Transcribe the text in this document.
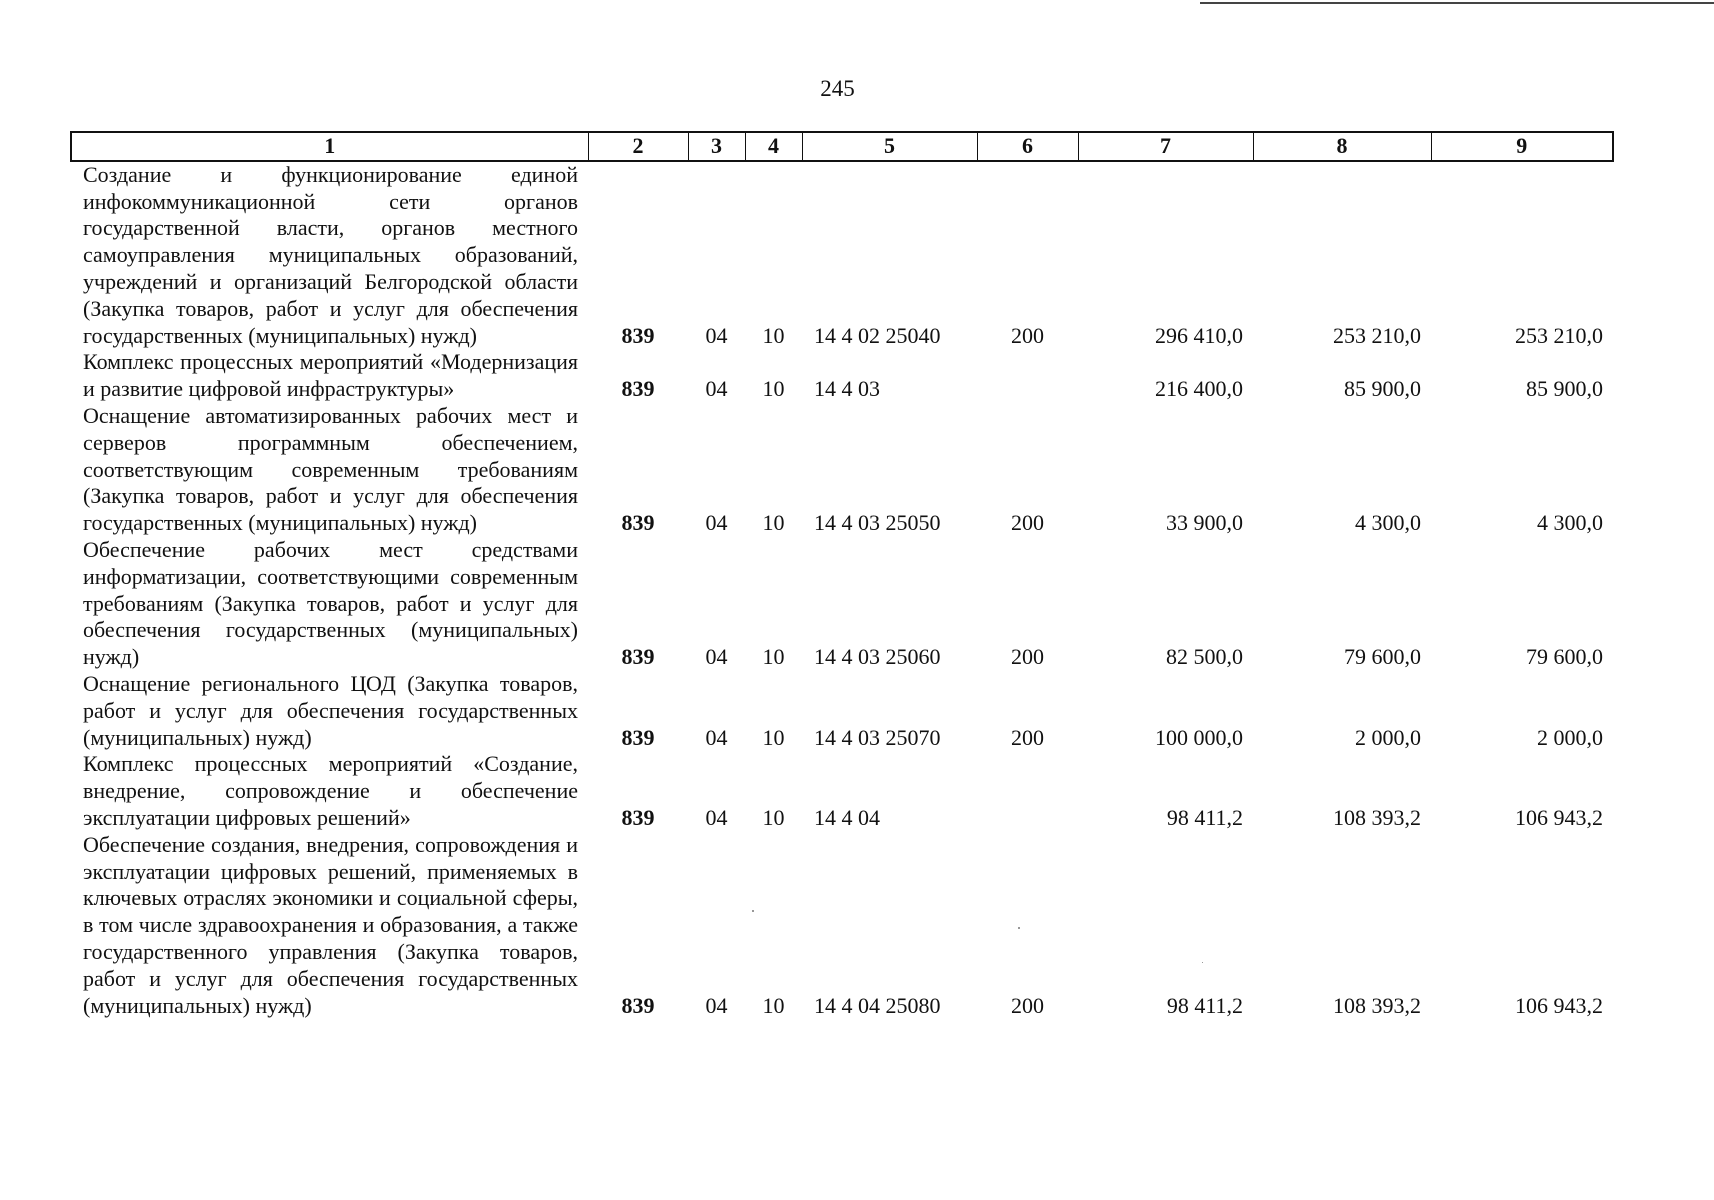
245
1	2	3	4	5	6	7	8	9
Создание и функционирование единой инфокоммуникационной сети органов государственной власти, органов местного самоуправления муниципальных образований, учреждений и организаций Белгородской области (Закупка товаров, работ и услуг для обеспечения государственных (муниципальных) нужд)	839	04	10	14 4 02 25040	200	296 410,0	253 210,0	253 210,0
Комплекс процессных мероприятий «Модернизация и развитие цифровой инфраструктуры»	839	04	10	14 4 03		216 400,0	85 900,0	85 900,0
Оснащение автоматизированных рабочих мест и серверов программным обеспечением, соответствующим современным требованиям (Закупка товаров, работ и услуг для обеспечения государственных (муниципальных) нужд)	839	04	10	14 4 03 25050	200	33 900,0	4 300,0	4 300,0
Обеспечение рабочих мест средствами информатизации, соответствующими современным требованиям (Закупка товаров, работ и услуг для обеспечения государственных (муниципальных) нужд)	839	04	10	14 4 03 25060	200	82 500,0	79 600,0	79 600,0
Оснащение регионального ЦОД (Закупка товаров, работ и услуг для обеспечения государственных (муниципальных) нужд)	839	04	10	14 4 03 25070	200	100 000,0	2 000,0	2 000,0
Комплекс процессных мероприятий «Создание, внедрение, сопровождение и обеспечение эксплуатации цифровых решений»	839	04	10	14 4 04		98 411,2	108 393,2	106 943,2
Обеспечение создания, внедрения, сопровождения и эксплуатации цифровых решений, применяемых в ключевых отраслях экономики и социальной сферы, в том числе здравоохранения и образования, а также государственного управления (Закупка товаров, работ и услуг для обеспечения государственных (муниципальных) нужд)	839	04	10	14 4 04 25080	200	98 411,2	108 393,2	106 943,2
